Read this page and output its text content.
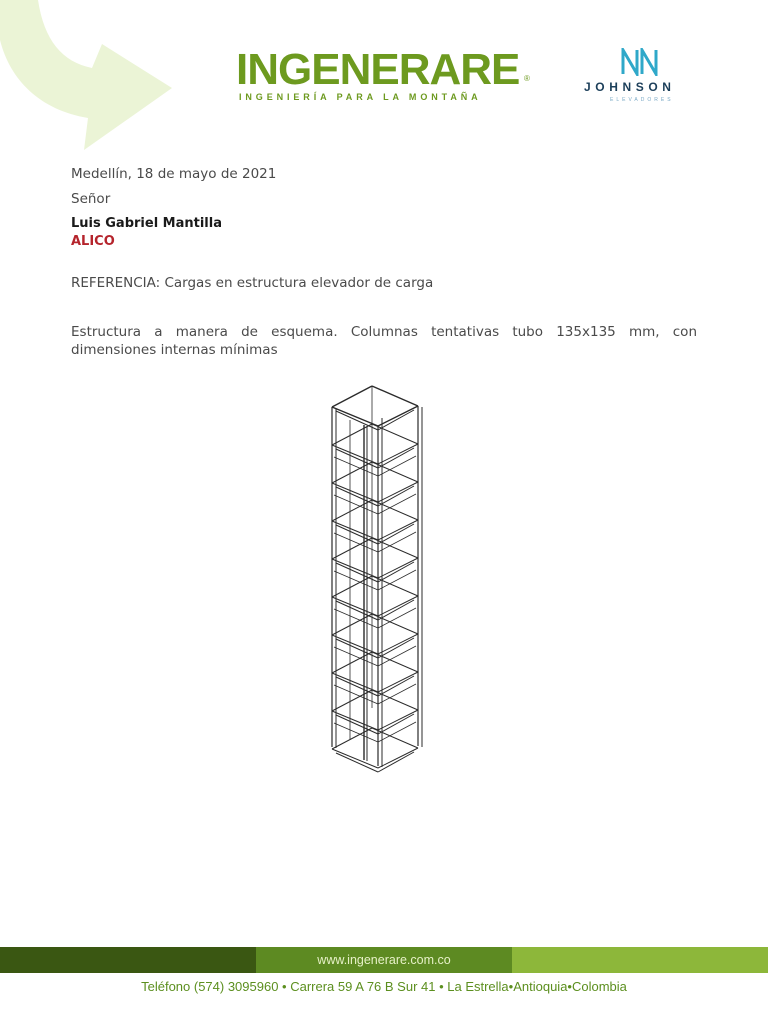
INGENERARE ®
INGENIERÍA PARA LA MONTAÑA
JOHNSON
ELEVADORES
Medellín, 18 de mayo de 2021
Señor
Luis Gabriel Mantilla
ALICO
REFERENCIA: Cargas en estructura elevador de carga
Estructura a manera de esquema. Columnas tentativas tubo 135x135 mm, con dimensiones internas mínimas
www.ingenerare.com.co
Teléfono (574) 3095960 • Carrera 59 A 76 B Sur 41 • La Estrella•Antioquia•Colombia
